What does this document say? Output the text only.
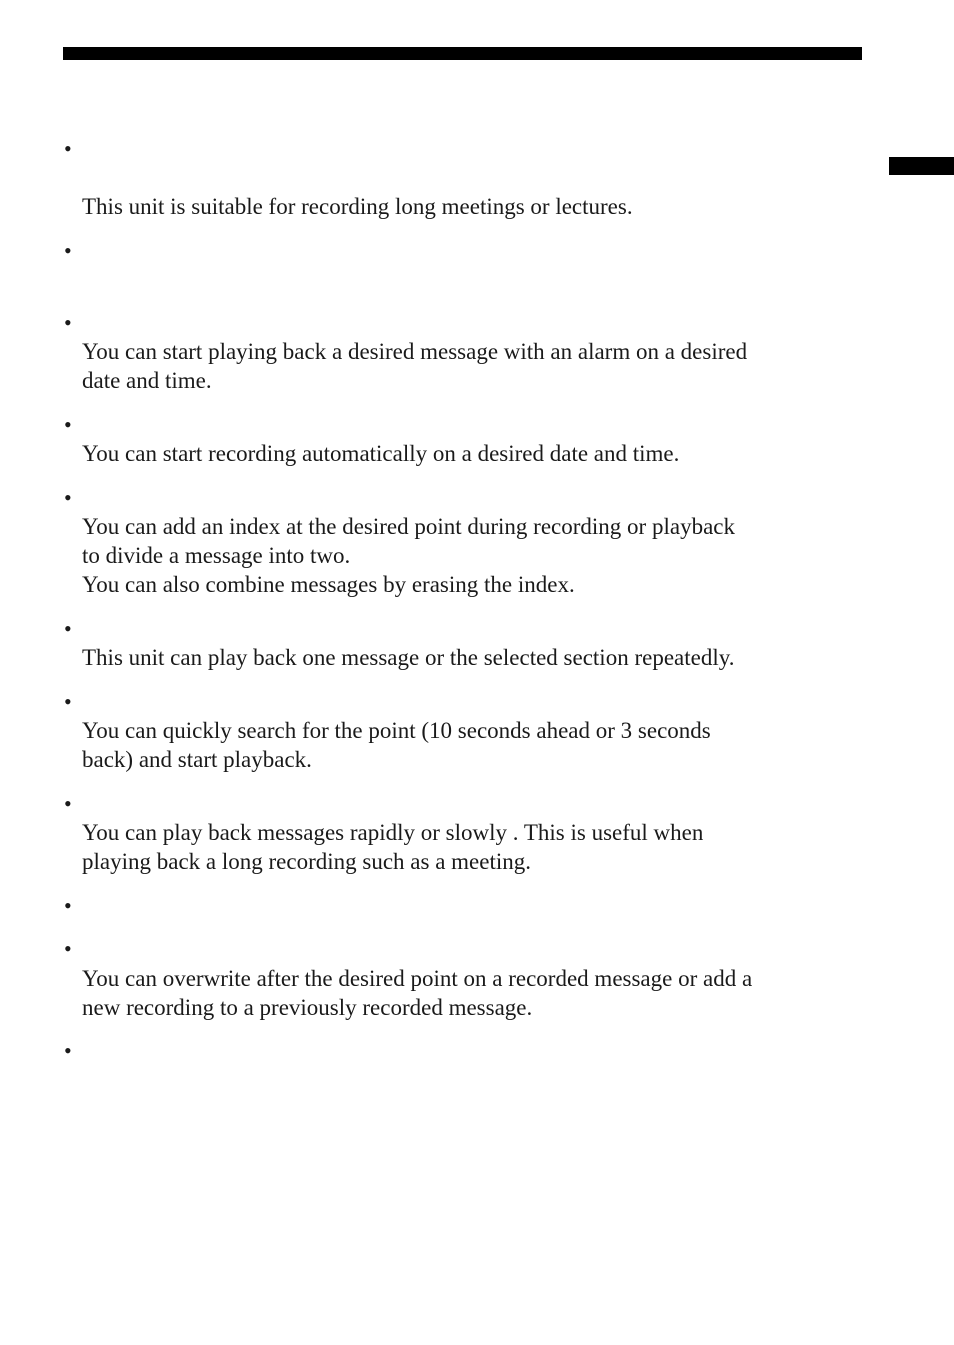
•
This unit is suitable for recording long meetings or lectures.
•
•
You can start playing back a desired message with an alarm on a desired
date and time.
•
You can start recording automatically on a desired date and time.
•
You can add an index at the desired point during recording or playback
to divide a message into two.
You can also combine messages by erasing the index.
•
This unit can play back one message or the selected section repeatedly.
•
You can quickly search for the point (10 seconds ahead or 3 seconds
back) and start playback.
•
You can play back messages rapidly or slowly . This is useful when
playing back a long recording such as a meeting.
•
•
You can overwrite after the desired point on a recorded message or add a
new recording to a previously recorded message.
•
